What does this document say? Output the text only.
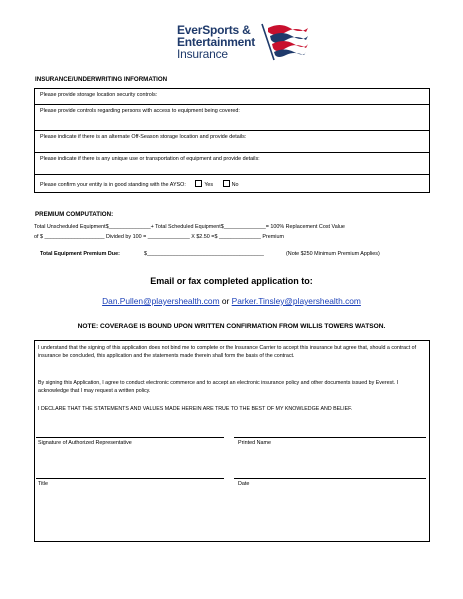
EverSports &
Entertainment
Insurance
INSURANCE/UNDERWRITING INFORMATION
Please provide storage location security controls:
Please provide controls regarding persons with access to equipment being covered:
Please indicate if there is an alternate Off-Season storage location and provide details:
Please indicate if there is any unique use or transportation of equipment and provide details:
Please confirm your entity is in good standing with the AYSO:	Yes	No
PREMIUM COMPUTATION:
Total Unscheduled Equipment$______________+ Total Scheduled Equipment$______________= 100% Replacement Cost Value
of $ ____________________ Divided by 100 = ______________ X $2.50 =$ ______________ Premium
Total Equipment Premium Due:	$_______________________________________	(Note $250 Minimum Premium Applies)
Email or fax completed application to:
Dan.Pullen@playershealth.com or Parker.Tinsley@playershealth.com
NOTE: COVERAGE IS BOUND UPON WRITTEN CONFIRMATION FROM WILLIS TOWERS WATSON.
I understand that the signing of this application does not bind me to complete or the Insurance Carrier to accept this insurance but agree that, should a contract of insurance be concluded, this application and the statements made therein shall form the basis of the contract.
By signing this Application, I agree to conduct electronic commerce and to accept an electronic insurance policy and other documents issued by Everest. I acknowledge that I may request a written policy.
I DECLARE THAT THE STATEMENTS AND VALUES MADE HEREIN ARE TRUE TO THE BEST OF MY KNOWLEDGE AND BELIEF.
Signature of Authorized Representative	Printed Name
Title	Date
